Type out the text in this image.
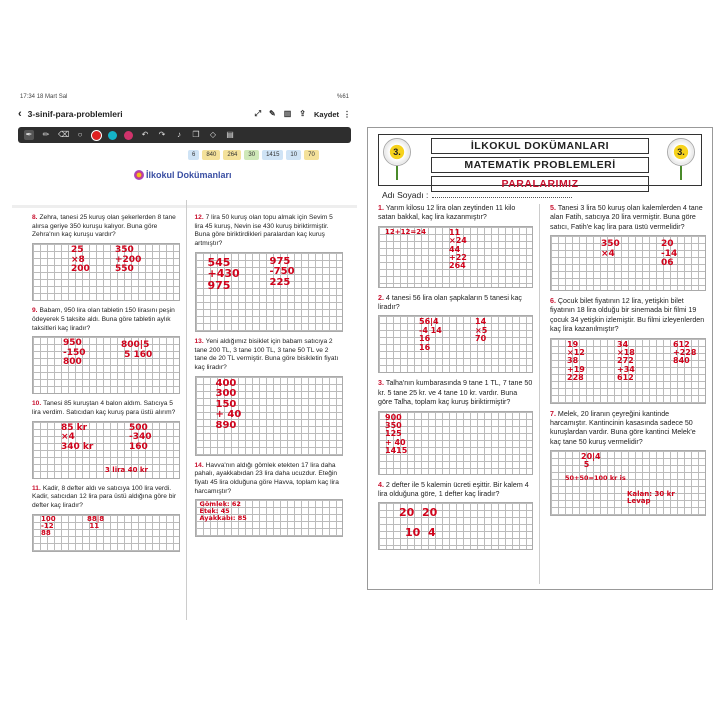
17:34 18 Mart Sal	%61
‹ 3-sinif-para-problemleri	⤢ ✎ ▥ ⇪ Kaydet ⋮
✒ ✏ ⌫	○	↶ ↷	♪	❐ ◇ ▤
6	840	264	30	1415	10	70
İlkokul Dokümanları
8. Zehra, tanesi 25 kuruş olan şekerlerden 8 tane alırsa geriye 350 kuruşu kalıyor. Buna göre Zehra'nın kaç kuruşu vardır?
25
×8
200
350
+200
550
9. Babam, 950 lira olan tabletin 150 lirasını peşin ödeyerek 5 taksite aldı. Buna göre tabletin aylık taksitleri kaç liradır?
950
-150
800
800|5
5 160
10. Tanesi 85 kuruştan 4 balon aldım. Satıcıya 5 lira verdim. Satıcıdan kaç kuruş para üstü alırım?
85 kr
×4
340 kr
500
-340
160
3 lira 40 kr
11. Kadir, 8 defter aldı ve satıcıya 100 lira verdi. Kadir, satıcıdan 12 lira para üstü aldığına göre bir defter kaç liradır?
100
-12
88
88|8
11
12. 7 lira 50 kuruş olan topu almak için Sevim 5 lira 45 kuruş, Nevin ise 430 kuruş biriktirmiştir. Buna göre biriktirdikleri paralardan kaç kuruş artmıştır?
545
+430
975
975
-750
225
13. Yeni aldığımız bisiklet için babam satıcıya 2 tane 200 TL, 3 tane 100 TL, 3 tane 50 TL ve 2 tane de 20 TL vermiştir. Buna göre bisikletin fiyatı kaç liradır?
400
300
150
+ 40
890
14. Havva'nın aldığı gömlek etekten 17 lira daha pahalı, ayakkabıdan 23 lira daha ucuzdur. Eteğin fiyatı 45 lira olduğuna göre Havva, toplam kaç lira harcamıştır?
Gömlek: 62
Etek: 45
Ayakkabı: 85
3.	İLKOKUL DOKÜMANLARI
MATEMATİK PROBLEMLERİ
PARALARIMIZ
3.
Adı Soyadı :
1. Yarım kilosu 12 lira olan zeytinden 11 kilo satan bakkal, kaç lira kazanmıştır?
12+12=24	11
×24
44
+22
264
2. 4 tanesi 56 lira olan şapkaların 5 tanesi kaç liradır?
56|4
-4 14
16
16
14
×5
70
3. Talha'nın kumbarasında 9 tane 1 TL, 7 tane 50 kr. 5 tane 25 kr. ve 4 tane 10 kr. vardır. Buna göre Talha, toplam kaç kuruş biriktirmiştir?
900
350
125
+ 40
1415
4. 2 defter ile 5 kalemin ücreti eşittir. Bir kalem 4 lira olduğuna göre, 1 defter kaç liradır?
20  20
10  4
5. Tanesi 3 lira 50 kuruş olan kalemlerden 4 tane alan Fatih, satıcıya 20 lira vermiştir. Buna göre satıcı, Fatih'e kaç lira para üstü vermelidir?
350
×4
20
-14
06
6. Çocuk bilet fiyatının 12 lira, yetişkin bilet fiyatının 18 lira olduğu bir sinemada bir filmi 19 çocuk 34 yetişkin izlemiştir. Bu filmi izleyenlerden kaç lira kazanılmıştır?
19
×12
38
+19
228
34
×18
272
+34
612
612
+228
840
7. Melek, 20 liranın çeyreğini kantinde harcamıştır. Kantincinin kasasında sadece 50 kuruşlardan vardır. Buna göre kantinci Melek'e kaç tane 50 kuruş vermelidir?
20|4
5
50+50=100 kr is
Kalan: 30 kr
Levap
